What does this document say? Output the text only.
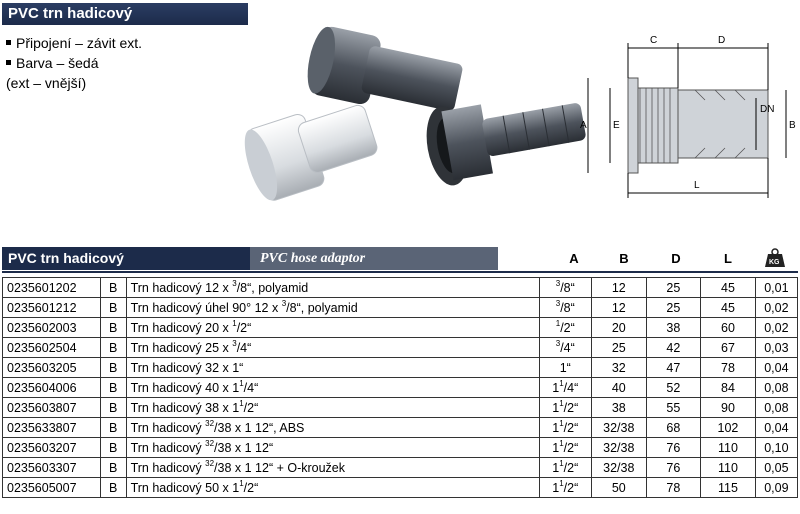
PVC trn hadicový
Připojení – závit ext.
Barva – šedá
(ext – vnější)
C	D
A	E
DN
B
L
PVC trn hadicový	PVC hose adaptor	A	B	D	L	KG
0235601202	B	Trn hadicový 12 x $^3$/8“, polyamid	$^3$/8“	12	25	45	0,01
0235601212	B	Trn hadicový úhel 90° 12 x $^3$/8“, polyamid	$^3$/8“	12	25	45	0,02
0235602003	B	Trn hadicový 20 x $^1$/2“	$^1$/2“	20	38	60	0,02
0235602504	B	Trn hadicový 25 x $^3$/4“	$^3$/4“	25	42	67	0,03
0235603205	B	Trn hadicový 32 x 1“	1“	32	47	78	0,04
0235604006	B	Trn hadicový 40 x $1^1/4“$	$1^1/4“$	40	52	84	0,08
0235603807	B	Trn hadicový 38 x $1^1/2“$	$1^1/2“$	38	55	90	0,08
0235633807	B	Trn hadicový $^{32}$/38 x 1 12“, ABS	$1^1/2“$	32/38	68	102	0,04
0235603207	B	Trn hadicový $^{32}$/38 x 1 12“	$1^1/2“$	32/38	76	110	0,10
0235603307	B	Trn hadicový $^{32}$/38 x 1 12“ + O-kroužek	$1^1/2“$	32/38	76	110	0,05
0235605007	B	Trn hadicový 50 x $1^1/2“$	$1^1/2“$	50	78	115	0,09
